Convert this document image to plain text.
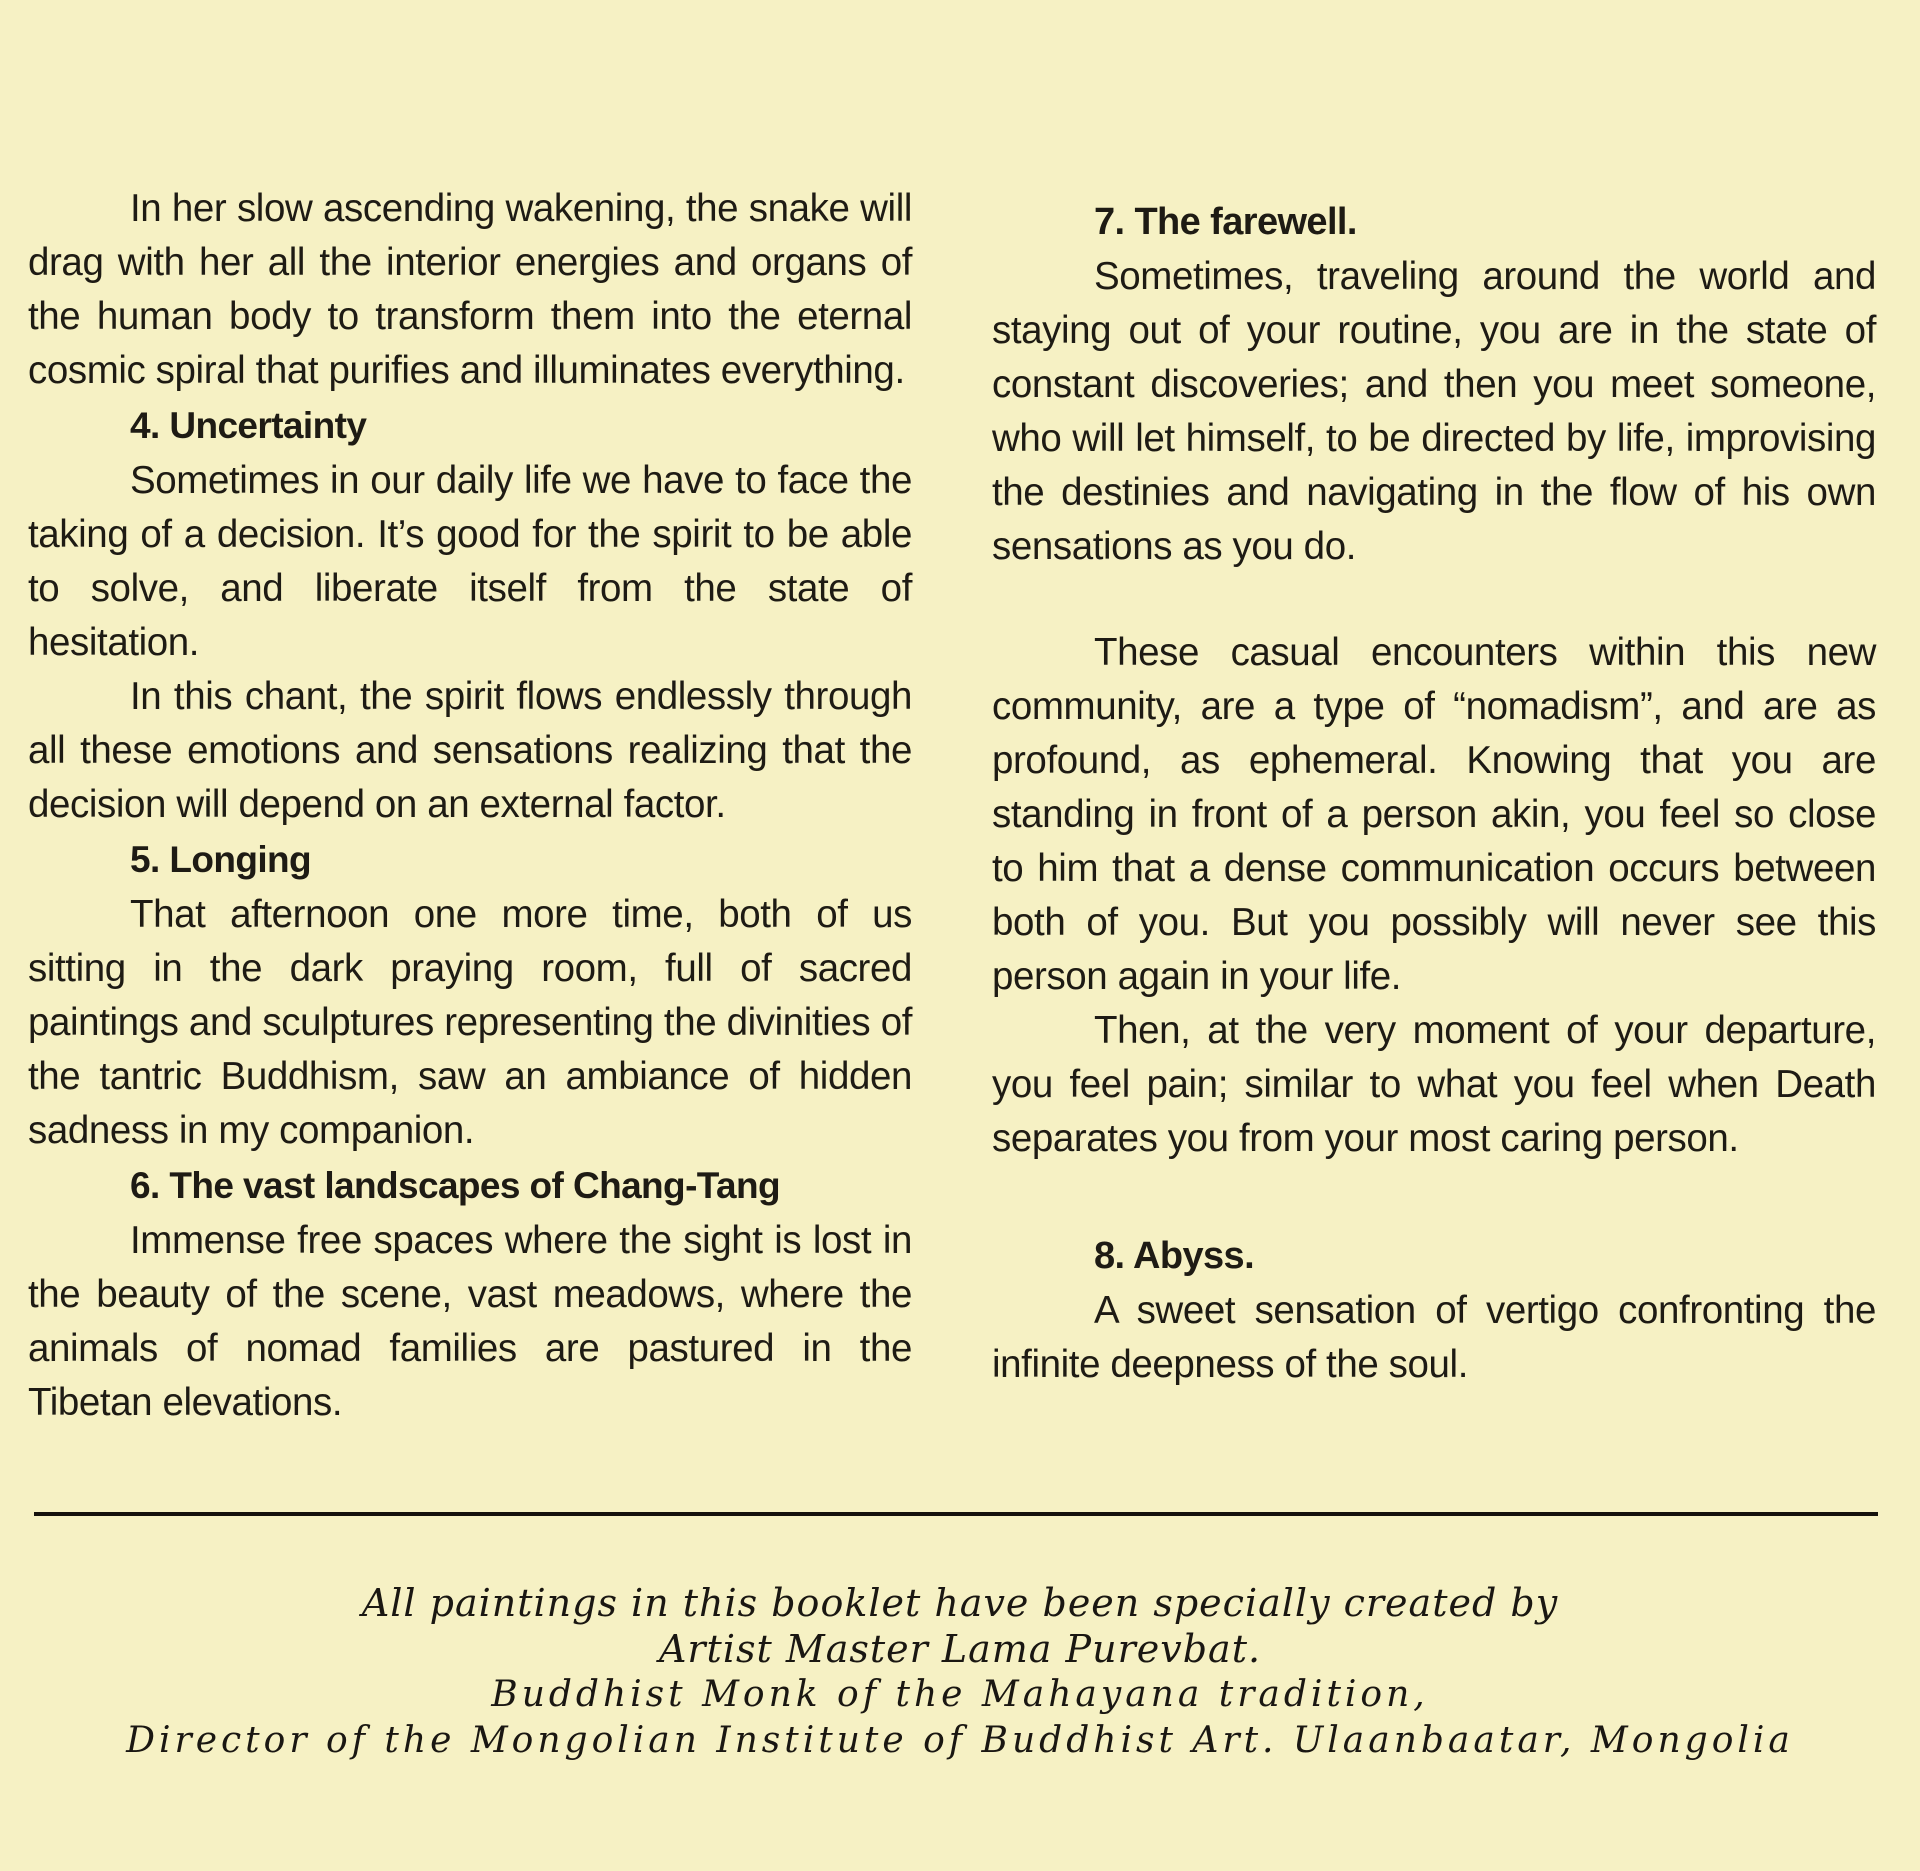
In her slow ascending wakening, the snake will drag with her all the interior energies and organs of the human body to transform them into the eternal cosmic spiral that purifies and illuminates everything.

4. Uncertainty

Sometimes in our daily life we have to face the taking of a decision. It’s good for the spirit to be able to solve, and liberate itself from the state of hesitation.

In this chant, the spirit flows endlessly through all these emotions and sensations realizing that the decision will depend on an external factor.

5. Longing

That afternoon one more time, both of us sitting in the dark praying room, full of sacred paintings and sculptures representing the divinities of the tantric Buddhism, saw an ambiance of hidden sadness in my companion.

6. The vast landscapes of Chang-Tang

Immense free spaces where the sight is lost in the beauty of the scene, vast meadows, where the animals of nomad families are pastured in the Tibetan elevations.

7. The farewell.

Sometimes, traveling around the world and staying out of your routine, you are in the state of constant discoveries; and then you meet someone, who will let himself, to be directed by life, improvising the destinies and navigating in the flow of his own sensations as you do.

These casual encounters within this new community, are a type of “nomadism”, and are as profound, as ephemeral. Knowing that you are standing in front of a person akin, you feel so close to him that a dense communication occurs between both of you. But you possibly will never see this person again in your life.

Then, at the very moment of your departure, you feel pain; similar to what you feel when Death separates you from your most caring person.

8. Abyss.

A sweet sensation of vertigo confronting the infinite deepness of the soul.

All paintings in this booklet have been specially created by
Artist Master Lama Purevbat.
Buddhist Monk of the Mahayana tradition,
Director of the Mongolian Institute of Buddhist Art. Ulaanbaatar, Mongolia
